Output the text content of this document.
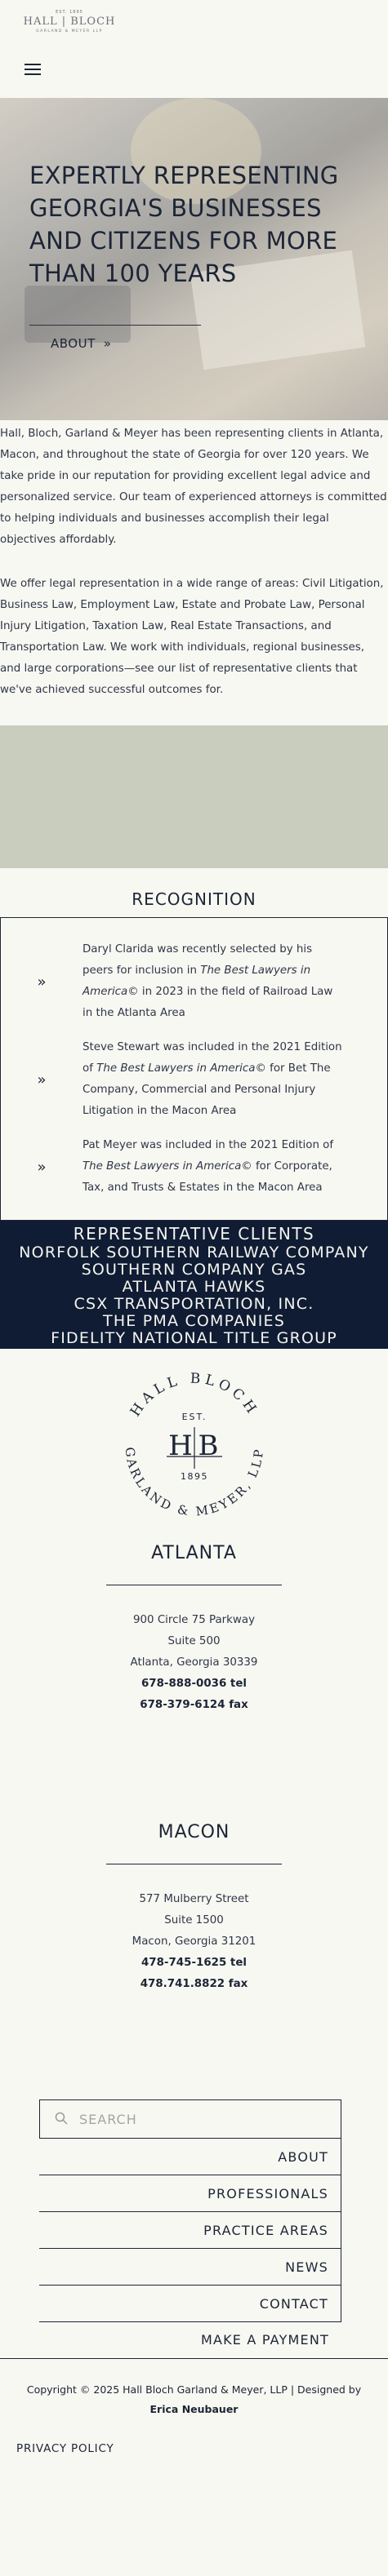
EST. 1895
HALL | BLOCH
GARLAND & MEYER LLP
EXPERTLY REPRESENTING GEORGIA'S BUSINESSES AND CITIZENS FOR MORE THAN 100 YEARS
ABOUT »

Hall, Bloch, Garland & Meyer has been representing clients in Atlanta, Macon, and throughout the state of Georgia for over 120 years. We take pride in our reputation for providing excellent legal advice and personalized service. Our team of experienced attorneys is committed to helping individuals and businesses accomplish their legal objectives affordably.

We offer legal representation in a wide range of areas: Civil Litigation, Business Law, Employment Law, Estate and Probate Law, Personal Injury Litigation, Taxation Law, Real Estate Transactions, and Transportation Law. We work with individuals, regional businesses, and large corporations—see our list of representative clients that we've achieved successful outcomes for.

RECOGNITION
»
Daryl Clarida was recently selected by his peers for inclusion in The Best Lawyers in America© in 2023 in the field of Railroad Law in the Atlanta Area
»
Steve Stewart was included in the 2021 Edition of The Best Lawyers in America© for Bet The Company, Commercial and Personal Injury Litigation in the Macon Area
»
Pat Meyer was included in the 2021 Edition of The Best Lawyers in America© for Corporate, Tax, and Trusts & Estates in the Macon Area
REPRESENTATIVE CLIENTS
NORFOLK SOUTHERN RAILWAY COMPANY
SOUTHERN COMPANY GAS
ATLANTA HAWKS
CSX TRANSPORTATION, INC.
THE PMA COMPANIES
FIDELITY NATIONAL TITLE GROUP
HALL BLOCH
GARLAND & MEYER, LLP
EST.
H B
1895
ATLANTA
900 Circle 75 Parkway
Suite 500
Atlanta, Georgia 30339
678-888-0036 tel
678-379-6124 fax
MACON
577 Mulberry Street
Suite 1500
Macon, Georgia 31201
478-745-1625 tel
478.741.8822 fax
SEARCH
ABOUT
PROFESSIONALS
PRACTICE AREAS
NEWS
CONTACT
MAKE A PAYMENT
Copyright © 2025 Hall Bloch Garland & Meyer, LLP | Designed by Erica Neubauer
PRIVACY POLICY
